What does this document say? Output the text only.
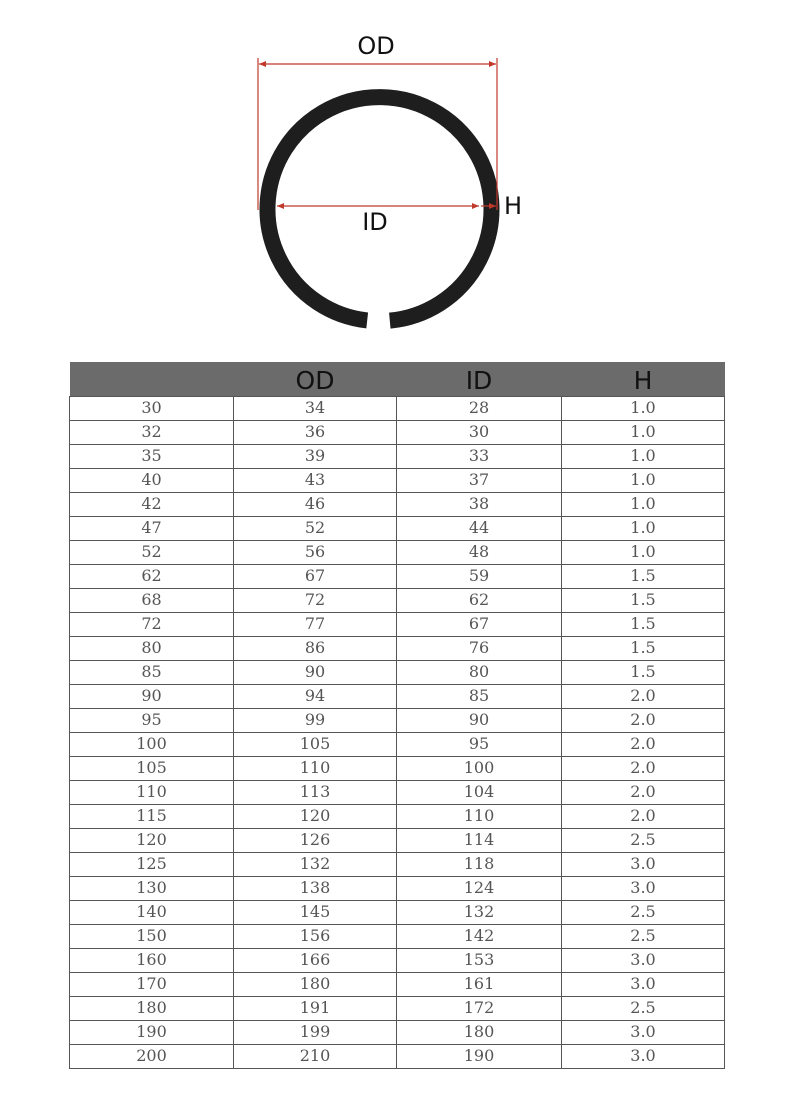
OD
ID
H
	OD	ID	H
30	34	28	1.0
32	36	30	1.0
35	39	33	1.0
40	43	37	1.0
42	46	38	1.0
47	52	44	1.0
52	56	48	1.0
62	67	59	1.5
68	72	62	1.5
72	77	67	1.5
80	86	76	1.5
85	90	80	1.5
90	94	85	2.0
95	99	90	2.0
100	105	95	2.0
105	110	100	2.0
110	113	104	2.0
115	120	110	2.0
120	126	114	2.5
125	132	118	3.0
130	138	124	3.0
140	145	132	2.5
150	156	142	2.5
160	166	153	3.0
170	180	161	3.0
180	191	172	2.5
190	199	180	3.0
200	210	190	3.0
